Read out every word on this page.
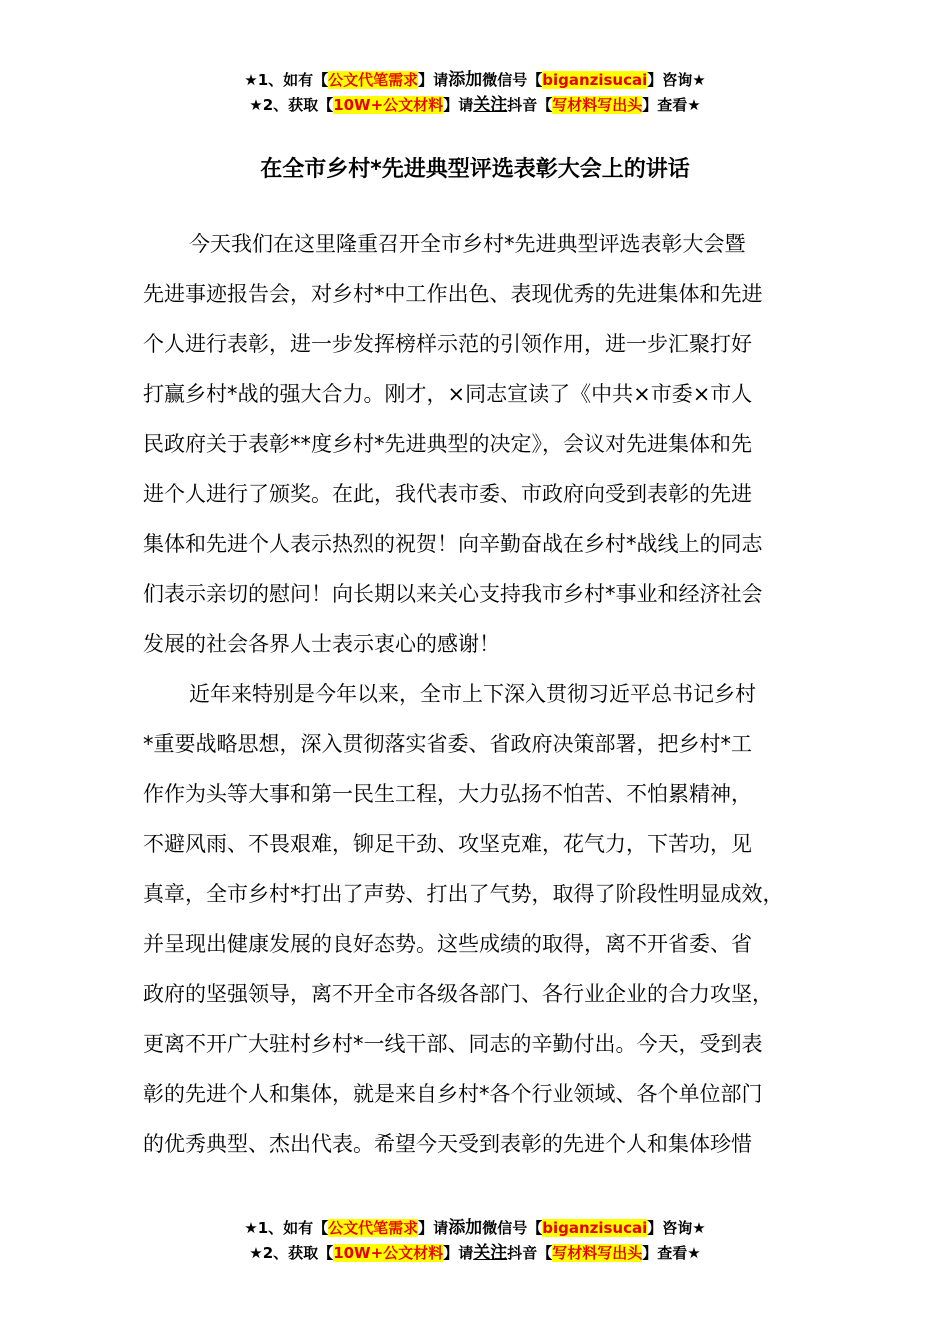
★1、如有【公文代笔需求】请添加微信号【biganzisucai】咨询★
★2、获取【10W+公文材料】请关注抖音【写材料写出头】查看★
在全市乡村*先进典型评选表彰大会上的讲话
今天我们在这里隆重召开全市乡村*先进典型评选表彰大会暨
先进事迹报告会，对乡村*中工作出色、表现优秀的先进集体和先进
个人进行表彰，进一步发挥榜样示范的引领作用，进一步汇聚打好
打赢乡村*战的强大合力。刚才，×同志宣读了《中共×市委×市人
民政府关于表彰**度乡村*先进典型的决定》，会议对先进集体和先
进个人进行了颁奖。在此，我代表市委、市政府向受到表彰的先进
集体和先进个人表示热烈的祝贺！向辛勤奋战在乡村*战线上的同志
们表示亲切的慰问！向长期以来关心支持我市乡村*事业和经济社会
发展的社会各界人士表示衷心的感谢！
近年来特别是今年以来，全市上下深入贯彻习近平总书记乡村
*重要战略思想，深入贯彻落实省委、省政府决策部署，把乡村*工
作作为头等大事和第一民生工程，大力弘扬不怕苦、不怕累精神，
不避风雨、不畏艰难，铆足干劲、攻坚克难，花气力，下苦功，见
真章，全市乡村*打出了声势、打出了气势，取得了阶段性明显成效，
并呈现出健康发展的良好态势。这些成绩的取得，离不开省委、省
政府的坚强领导，离不开全市各级各部门、各行业企业的合力攻坚，
更离不开广大驻村乡村*一线干部、同志的辛勤付出。今天，受到表
彰的先进个人和集体，就是来自乡村*各个行业领域、各个单位部门
的优秀典型、杰出代表。希望今天受到表彰的先进个人和集体珍惜
★1、如有【公文代笔需求】请添加微信号【biganzisucai】咨询★
★2、获取【10W+公文材料】请关注抖音【写材料写出头】查看★
